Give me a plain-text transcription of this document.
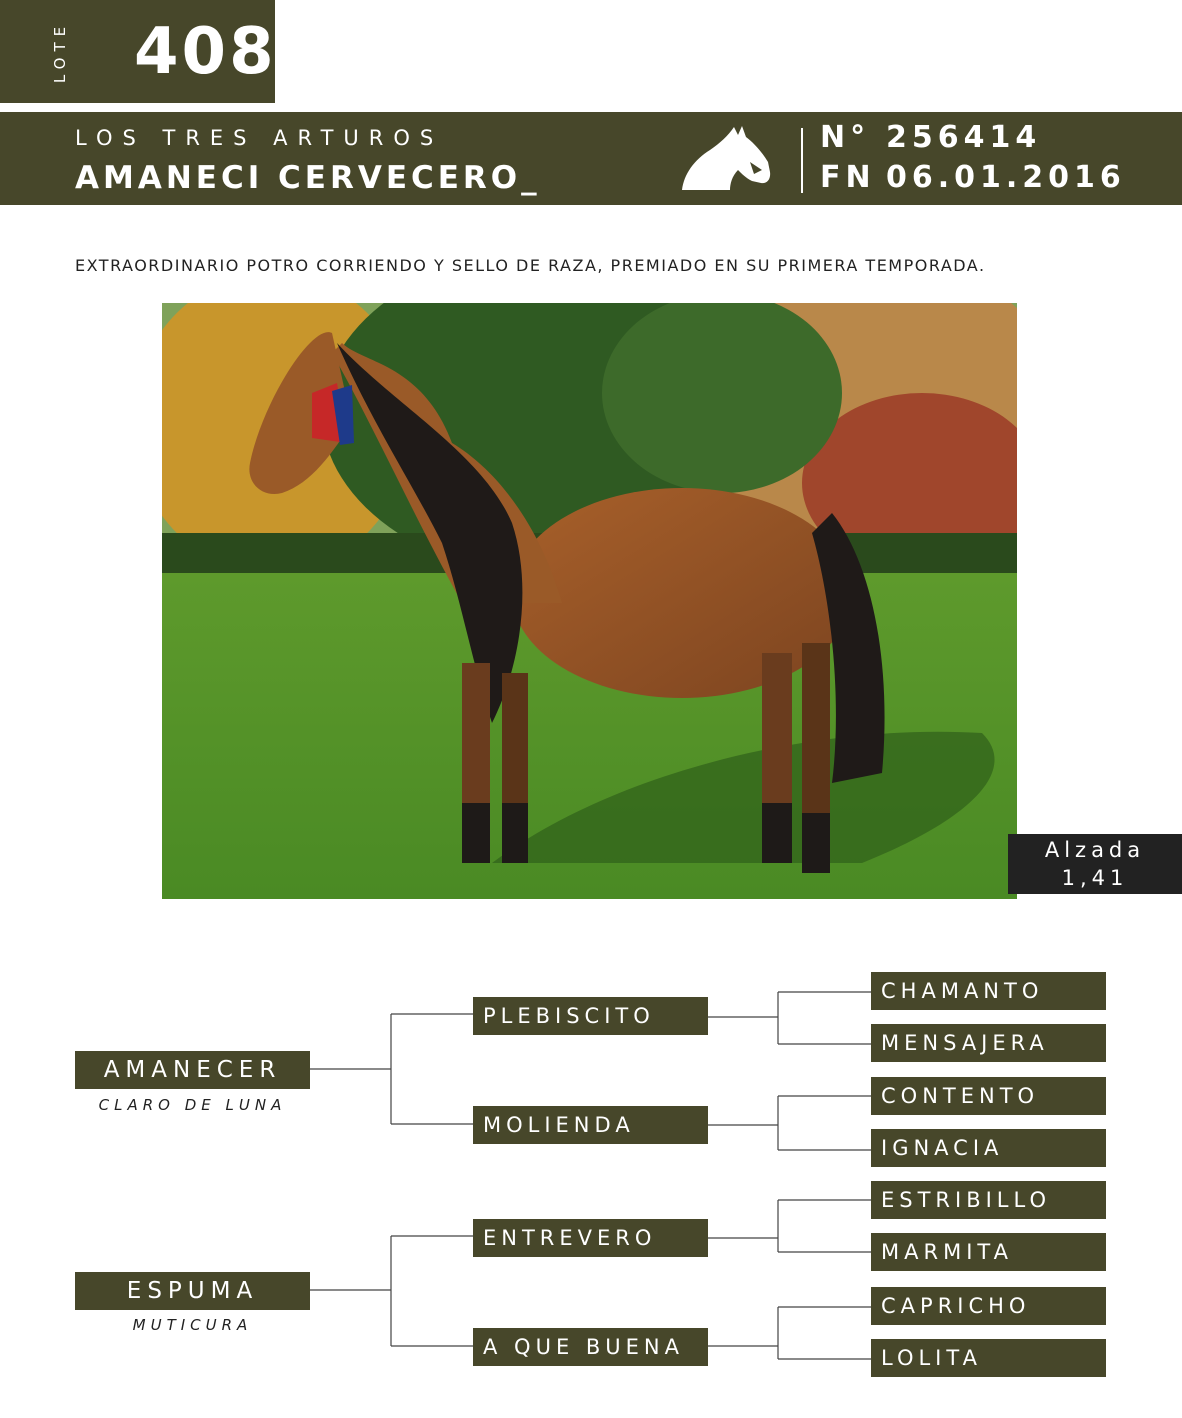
LOTE 408
LOS TRES ARTUROS
AMANECI CERVECERO_
N° 256414
FN 06.01.2016
EXTRAORDINARIO POTRO CORRIENDO Y SELLO DE RAZA, PREMIADO EN SU PRIMERA TEMPORADA.
Alzada
1,41
AMANECER
CLARO DE LUNA
ESPUMA
MUTICURA
PLEBISCITO
MOLIENDA
ENTREVERO
A QUE BUENA
CHAMANTO
MENSAJERA
CONTENTO
IGNACIA
ESTRIBILLO
MARMITA
CAPRICHO
LOLITA
